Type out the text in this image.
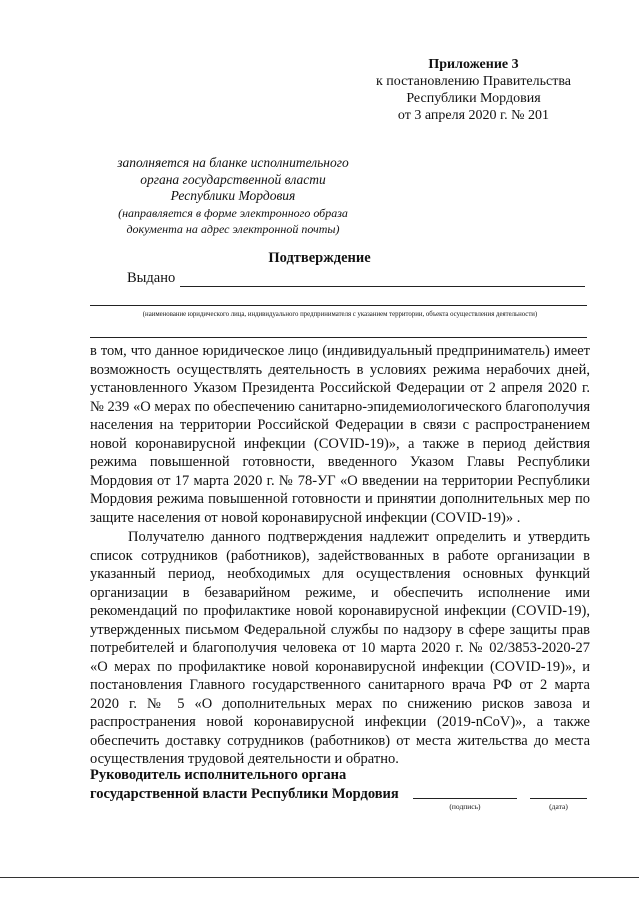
Приложение 3
к постановлению Правительства
Республики Мордовия
от 3 апреля 2020 г. № 201
заполняется на бланке исполнительного
органа государственной власти
Республики Мордовия
(направляется в форме электронного образа
документа на адрес электронной почты)
Подтверждение
Выдано
(наименование юридического лица, индивидуального предпринимателя с указанием территории, объекта осуществления деятельности)

в том, что данное юридическое лицо (индивидуальный предприниматель) имеет возможность осуществлять деятельность в условиях режима нерабочих дней, установленного Указом Президента Российской Федерации от 2 апреля 2020 г. № 239 «О мерах по обеспечению санитарно-эпидемиологического благополучия населения на территории Российской Федерации в связи с распространением новой коронавирусной инфекции (COVID-19)», а также в период действия режима повышенной готовности, введенного Указом Главы Республики Мордовия от 17 марта 2020 г. № 78-УГ «О введении на территории Республики Мордовия режима повышенной готовности и принятии дополнительных мер по защите населения от новой коронавирусной инфекции (COVID-19)» .

Получателю данного подтверждения надлежит определить и утвердить список сотрудников (работников), задействованных в работе организации в указанный период, необходимых для осуществления основных функций организации в безаварийном режиме, и обеспечить исполнение ими рекомендаций по профилактике новой коронавирусной инфекции (COVID-19), утвержденных письмом Федеральной службы по надзору в сфере защиты прав потребителей и благополучия человека от 10 марта 2020 г. № 02/3853-2020-27 «О мерах по профилактике новой коронавирусной инфекции (COVID-19)», и постановления Главного государственного санитарного врача РФ от 2 марта 2020 г. № 5 «О дополнительных мерах по снижению рисков завоза и распространения новой коронавирусной инфекции (2019-nCoV)», а также обеспечить доставку сотрудников (работников) от места жительства до места осуществления трудовой деятельности и обратно.

Руководитель исполнительного органа
государственной власти Республики Мордовия
(подпись)	(дата)
